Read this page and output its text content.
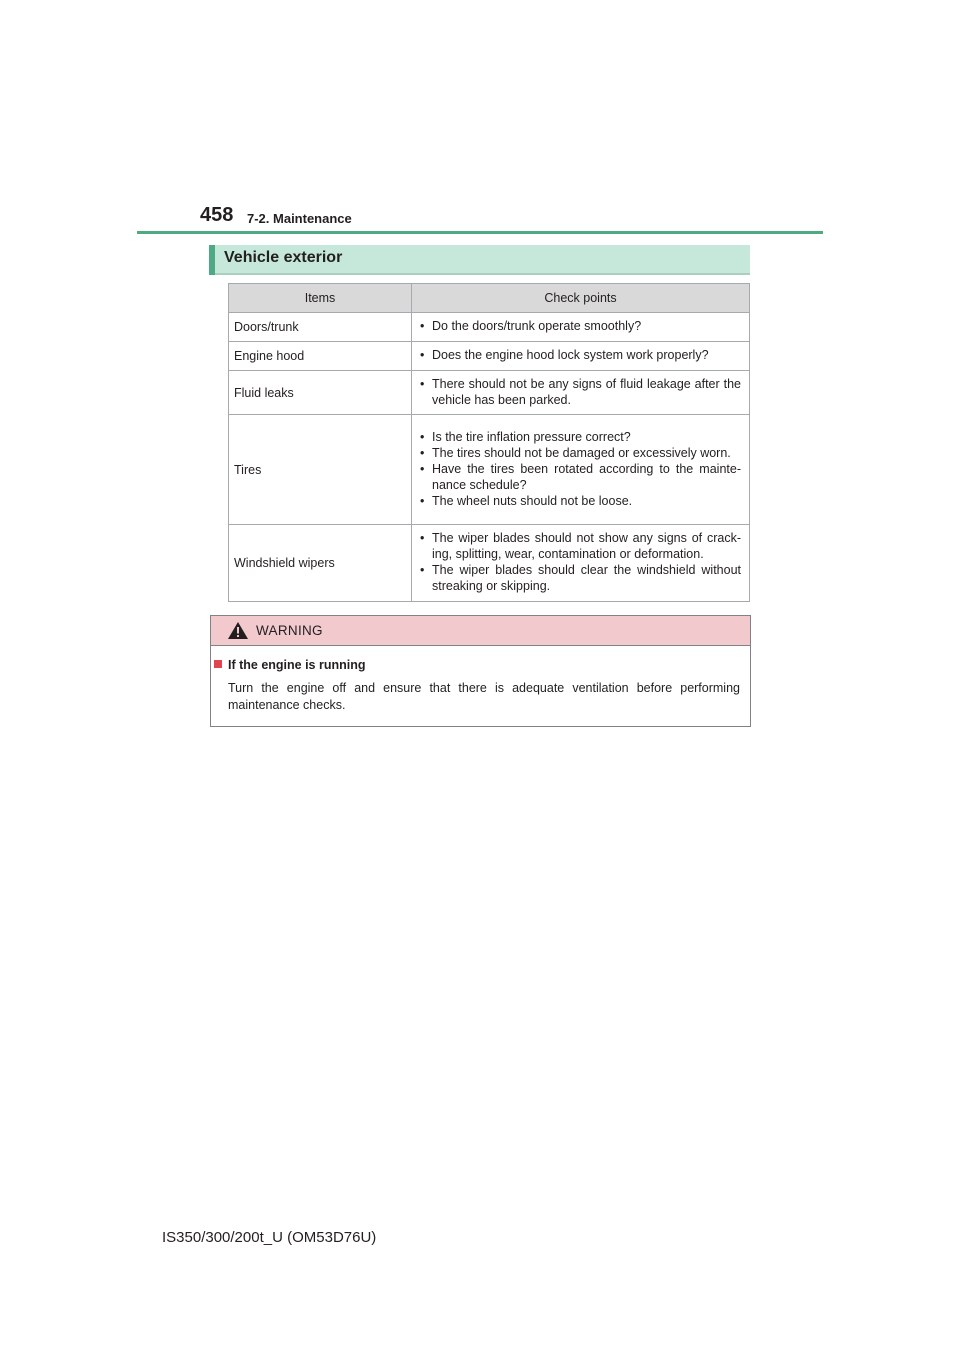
458 7-2. Maintenance
Vehicle exterior
Items	Check points
Doors/trunk	• Do the doors/trunk operate smoothly?

Engine hood	• Does the engine hood lock system work properly?

Fluid leaks	• There should not be any signs of fluid leakage after the vehicle has been parked.

Tires	• Is the tire inflation pressure correct?
• The tires should not be damaged or excessively worn.
• Have the tires been rotated according to the mainte-nance schedule?
• The wheel nuts should not be loose.

Windshield wipers	• The wiper blades should not show any signs of crack-ing, splitting, wear, contamination or deformation.
• The wiper blades should clear the windshield without streaking or skipping.
WARNING
If the engine is running
Turn the engine off and ensure that there is adequate ventilation before performing maintenance checks.
IS350/300/200t_U (OM53D76U)
